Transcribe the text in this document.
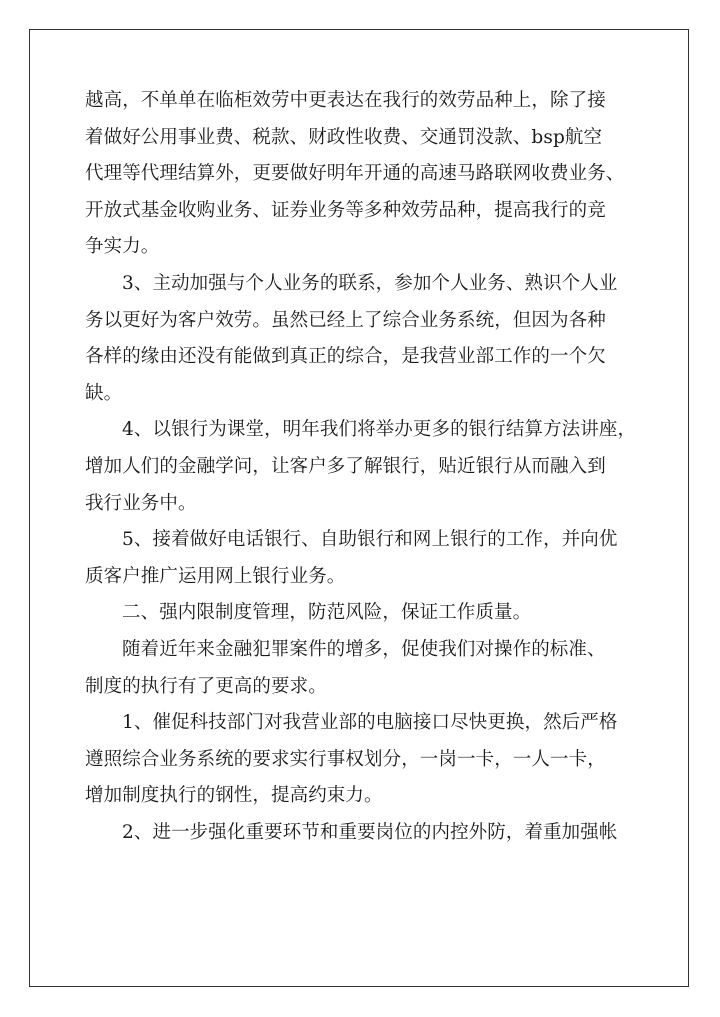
越高，不单单在临柜效劳中更表达在我行的效劳品种上，除了接
着做好公用事业费、税款、财政性收费、交通罚没款、bsp航空
代理等代理结算外，更要做好明年开通的高速马路联网收费业务、
开放式基金收购业务、证券业务等多种效劳品种，提高我行的竞
争实力。
3、主动加强与个人业务的联系，参加个人业务、熟识个人业
务以更好为客户效劳。虽然已经上了综合业务系统，但因为各种
各样的缘由还没有能做到真正的综合，是我营业部工作的一个欠
缺。
4、以银行为课堂，明年我们将举办更多的银行结算方法讲座，
增加人们的金融学问，让客户多了解银行，贴近银行从而融入到
我行业务中。
5、接着做好电话银行、自助银行和网上银行的工作，并向优
质客户推广运用网上银行业务。
二、强内限制度管理，防范风险，保证工作质量。
随着近年来金融犯罪案件的增多，促使我们对操作的标准、
制度的执行有了更高的要求。
1、催促科技部门对我营业部的电脑接口尽快更换，然后严格
遵照综合业务系统的要求实行事权划分，一岗一卡，一人一卡，
增加制度执行的钢性，提高约束力。
2、进一步强化重要环节和重要岗位的内控外防，着重加强帐
